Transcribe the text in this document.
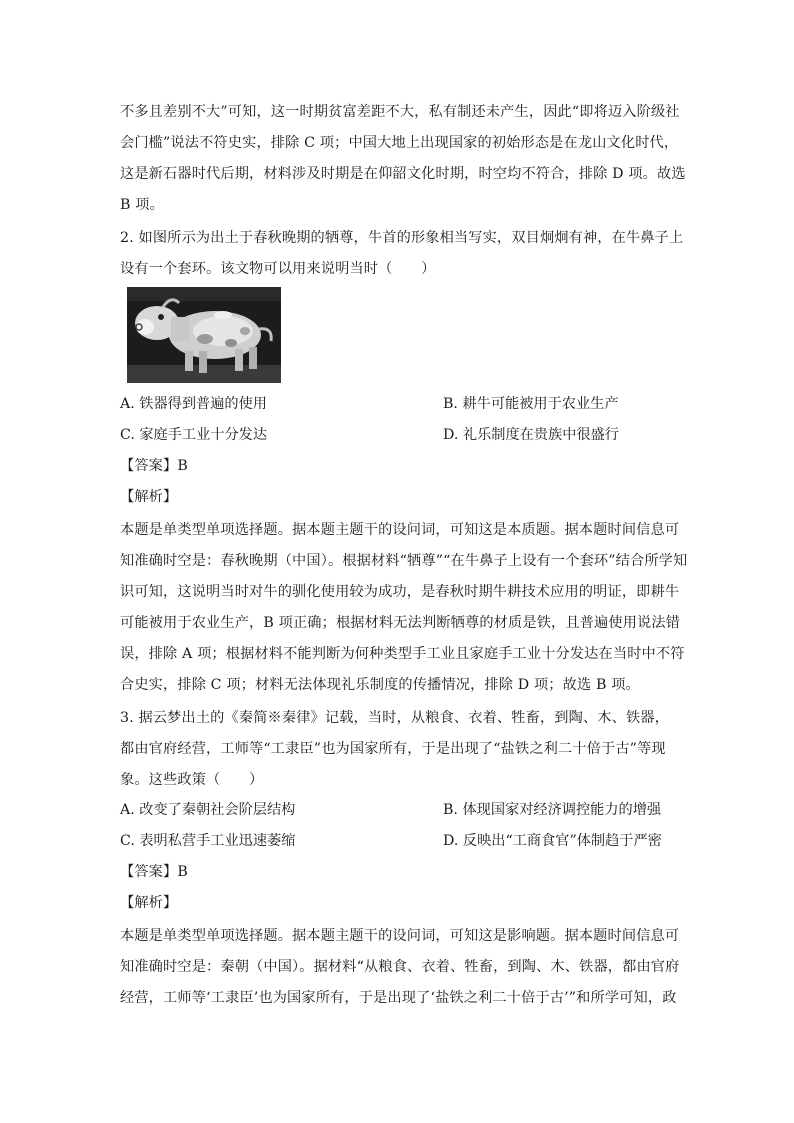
不多且差别不大”可知，这一时期贫富差距不大，私有制还未产生，因此“即将迈入阶级社
会门槛”说法不符史实，排除 C 项；中国大地上出现国家的初始形态是在龙山文化时代，
这是新石器时代后期，材料涉及时期是在仰韶文化时期，时空均不符合，排除 D 项。故选
B 项。
2. 如图所示为出土于春秋晚期的牺尊，牛首的形象相当写实，双目炯炯有神，在牛鼻子上
设有一个套环。该文物可以用来说明当时（　　）
A. 铁器得到普遍的使用	B. 耕牛可能被用于农业生产
C. 家庭手工业十分发达	D. 礼乐制度在贵族中很盛行
【答案】B
【解析】
本题是单类型单项选择题。据本题主题干的设问词，可知这是本质题。据本题时间信息可
知准确时空是：春秋晚期（中国）。根据材料“牺尊”“在牛鼻子上设有一个套环”结合所学知
识可知，这说明当时对牛的驯化使用较为成功，是春秋时期牛耕技术应用的明证，即耕牛
可能被用于农业生产，B 项正确；根据材料无法判断牺尊的材质是铁，且普遍使用说法错
误，排除 A 项；根据材料不能判断为何种类型手工业且家庭手工业十分发达在当时中不符
合史实，排除 C 项；材料无法体现礼乐制度的传播情况，排除 D 项；故选 B 项。
3. 据云梦出土的《秦简※秦律》记载，当时，从粮食、衣着、牲畜，到陶、木、铁器，
都由官府经营，工师等“工隶臣”也为国家所有，于是出现了“盐铁之利二十倍于古”等现
象。这些政策（　　）
A. 改变了秦朝社会阶层结构	B. 体现国家对经济调控能力的增强
C. 表明私营手工业迅速萎缩	D. 反映出“工商食官”体制趋于严密
【答案】B
【解析】
本题是单类型单项选择题。据本题主题干的设问词，可知这是影响题。据本题时间信息可
知准确时空是：秦朝（中国）。据材料“从粮食、衣着、牲畜，到陶、木、铁器，都由官府
经营，工师等‘工隶臣’也为国家所有，于是出现了‘盐铁之利二十倍于古’”和所学可知，政
